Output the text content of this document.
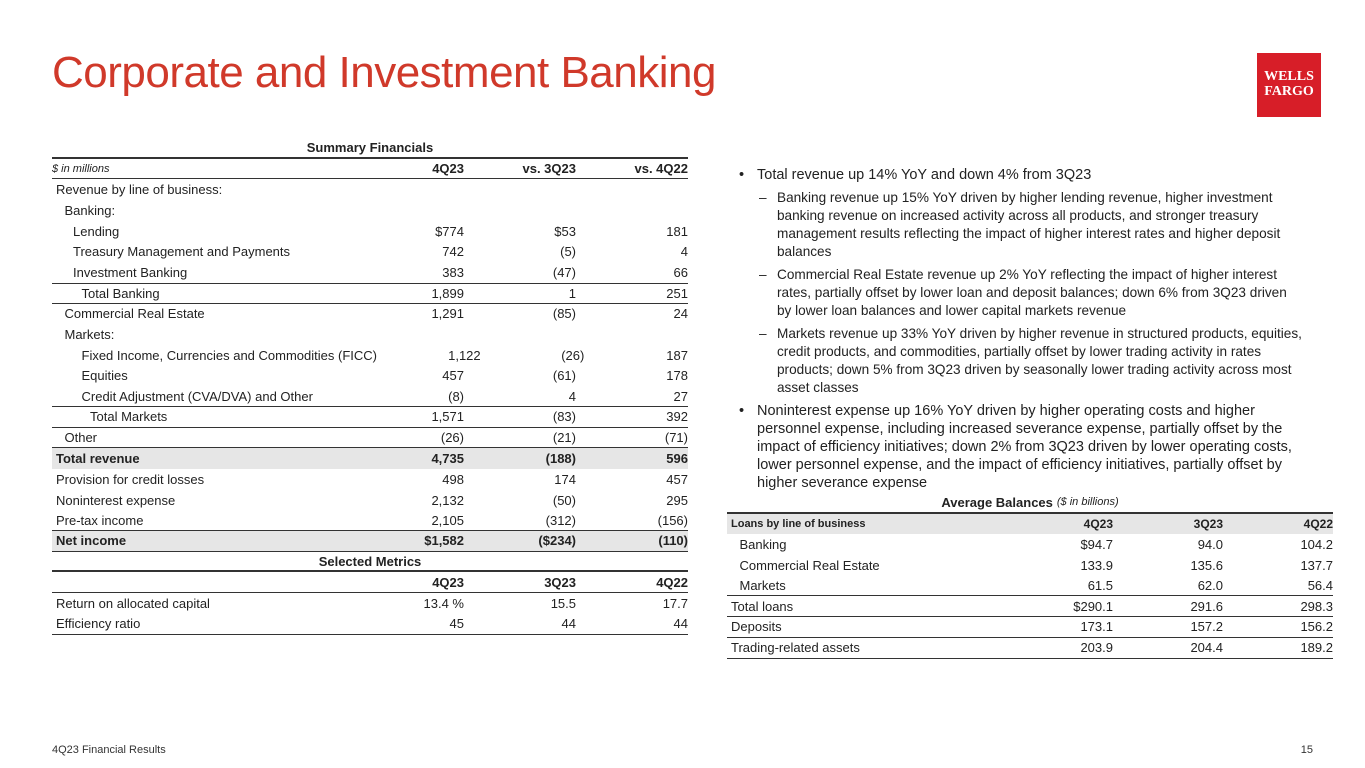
Corporate and Investment Banking	WELLS
FARGO
Summary Financials
$ in millions	4Q23	vs. 3Q23	vs. 4Q22
Revenue by line of business:
Banking:
Lending	$774	$53	181
Treasury Management and Payments	742	(5)	4
Investment Banking	383	(47)	66
Total Banking	1,899	1	251
Commercial Real Estate	1,291	(85)	24
Markets:
Fixed Income, Currencies and Commodities (FICC)	1,122	(26)	187
Equities	457	(61)	178
Credit Adjustment (CVA/DVA) and Other	(8)	4	27
Total Markets	1,571	(83)	392
Other	(26)	(21)	(71)
Total revenue	4,735	(188)	596
Provision for credit losses	498	174	457
Noninterest expense	2,132	(50)	295
Pre-tax income	2,105	(312)	(156)
Net income	$1,582	($234)	(110)
Selected Metrics
4Q23	3Q23	4Q22
Return on allocated capital	13.4 %	15.5	17.7
Efficiency ratio	45	44	44
• Total revenue up 14% YoY and down 4% from 3Q23
– Banking revenue up 15% YoY driven by higher lending revenue, higher investment banking revenue on increased activity across all products, and stronger treasury management results reflecting the impact of higher interest rates and higher deposit balances
– Commercial Real Estate revenue up 2% YoY reflecting the impact of higher interest rates, partially offset by lower loan and deposit balances; down 6% from 3Q23 driven by lower loan balances and lower capital markets revenue
– Markets revenue up 33% YoY driven by higher revenue in structured products, equities, credit products, and commodities, partially offset by lower trading activity in rates products; down 5% from 3Q23 driven by seasonally lower trading activity across most asset classes
• Noninterest expense up 16% YoY driven by higher operating costs and higher personnel expense, including increased severance expense, partially offset by the impact of efficiency initiatives; down 2% from 3Q23 driven by lower operating costs, lower personnel expense, and the impact of efficiency initiatives, partially offset by higher severance expense
Average Balances ($ in billions)
Loans by line of business	4Q23	3Q23	4Q22
Banking	$94.7	94.0	104.2
Commercial Real Estate	133.9	135.6	137.7
Markets	61.5	62.0	56.4
Total loans	$290.1	291.6	298.3
Deposits	173.1	157.2	156.2
Trading-related assets	203.9	204.4	189.2
4Q23 Financial Results	15
